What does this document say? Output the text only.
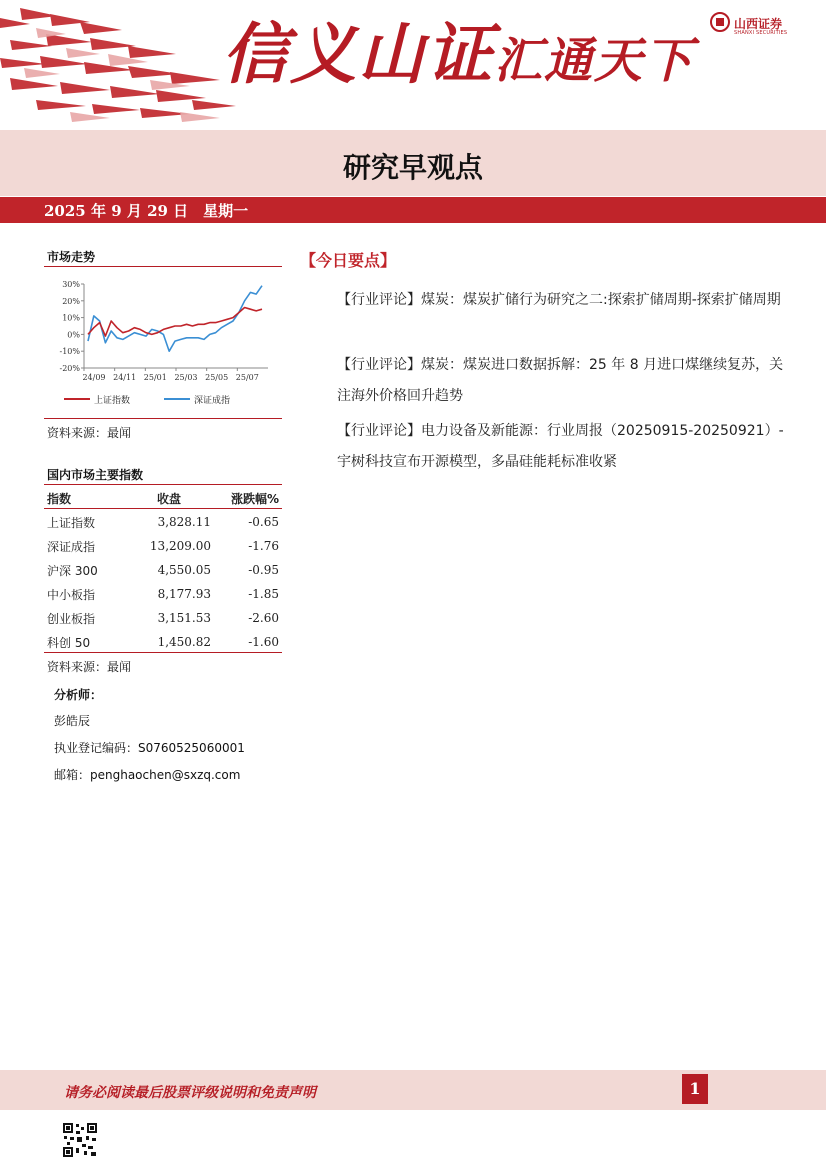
信义山证汇通天下
山西证券
SHANXI SECURITIES
研究早观点
2025 年 9 月 29 日　星期一
市场走势
30%
20%
10%
0%
-10%
-20%
24/09 24/11 25/01 25/03 25/05 25/07
上证指数	深证成指
资料来源：最闻
国内市场主要指数
指数	收盘	涨跌幅%
上证指数	3,828.11	-0.65
深证成指	13,209.00	-1.76
沪深 300	4,550.05	-0.95
中小板指	8,177.93	-1.85
创业板指	3,151.53	-2.60
科创 50	1,450.82	-1.60
资料来源：最闻
分析师：
彭皓辰
执业登记编码：S0760525060001
邮箱：penghaochen@sxzq.com
【今日要点】
【行业评论】煤炭：煤炭扩储行为研究之二:探索扩储周期-探索扩储周期
【行业评论】煤炭：煤炭进口数据拆解：25 年 8 月进口煤继续复苏，关注海外价格回升趋势
【行业评论】电力设备及新能源：行业周报（20250915-20250921）-宇树科技宣布开源模型，多晶硅能耗标准收紧
请务必阅读最后股票评级说明和免责声明	1
